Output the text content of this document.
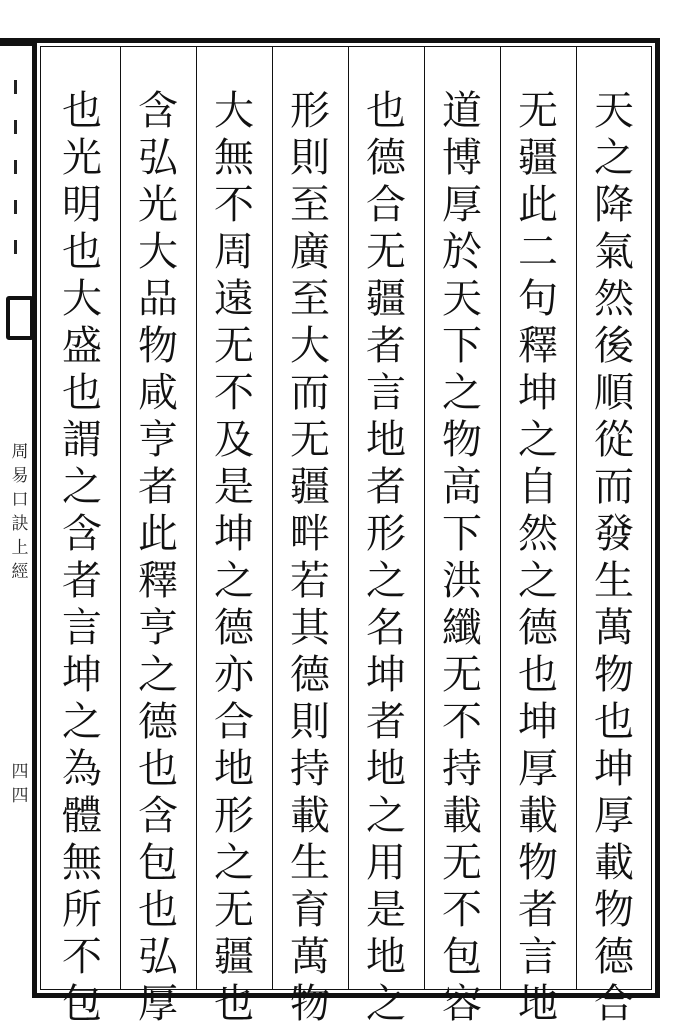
周
易
口
訣
上
經
四
四
天
之
降
氣
然
後
順
從
而
發
生
萬
物
也
坤
厚
載
物
德
合
无
疆
此
二
句
釋
坤
之
自
然
之
德
也
坤
厚
載
物
者
言
地
道
博
厚
於
天
下
之
物
高
下
洪
纖
无
不
持
載
无
不
包
容
也
德
合
无
疆
者
言
地
者
形
之
名
坤
者
地
之
用
是
地
之
形
則
至
廣
至
大
而
无
疆
畔
若
其
德
則
持
載
生
育
萬
物
大
無
不
周
遠
无
不
及
是
坤
之
德
亦
合
地
形
之
无
疆
也
含
弘
光
大
品
物
咸
亨
者
此
釋
亨
之
德
也
含
包
也
弘
厚
也
光
明
也
大
盛
也
謂
之
含
者
言
坤
之
為
體
無
所
不
包
